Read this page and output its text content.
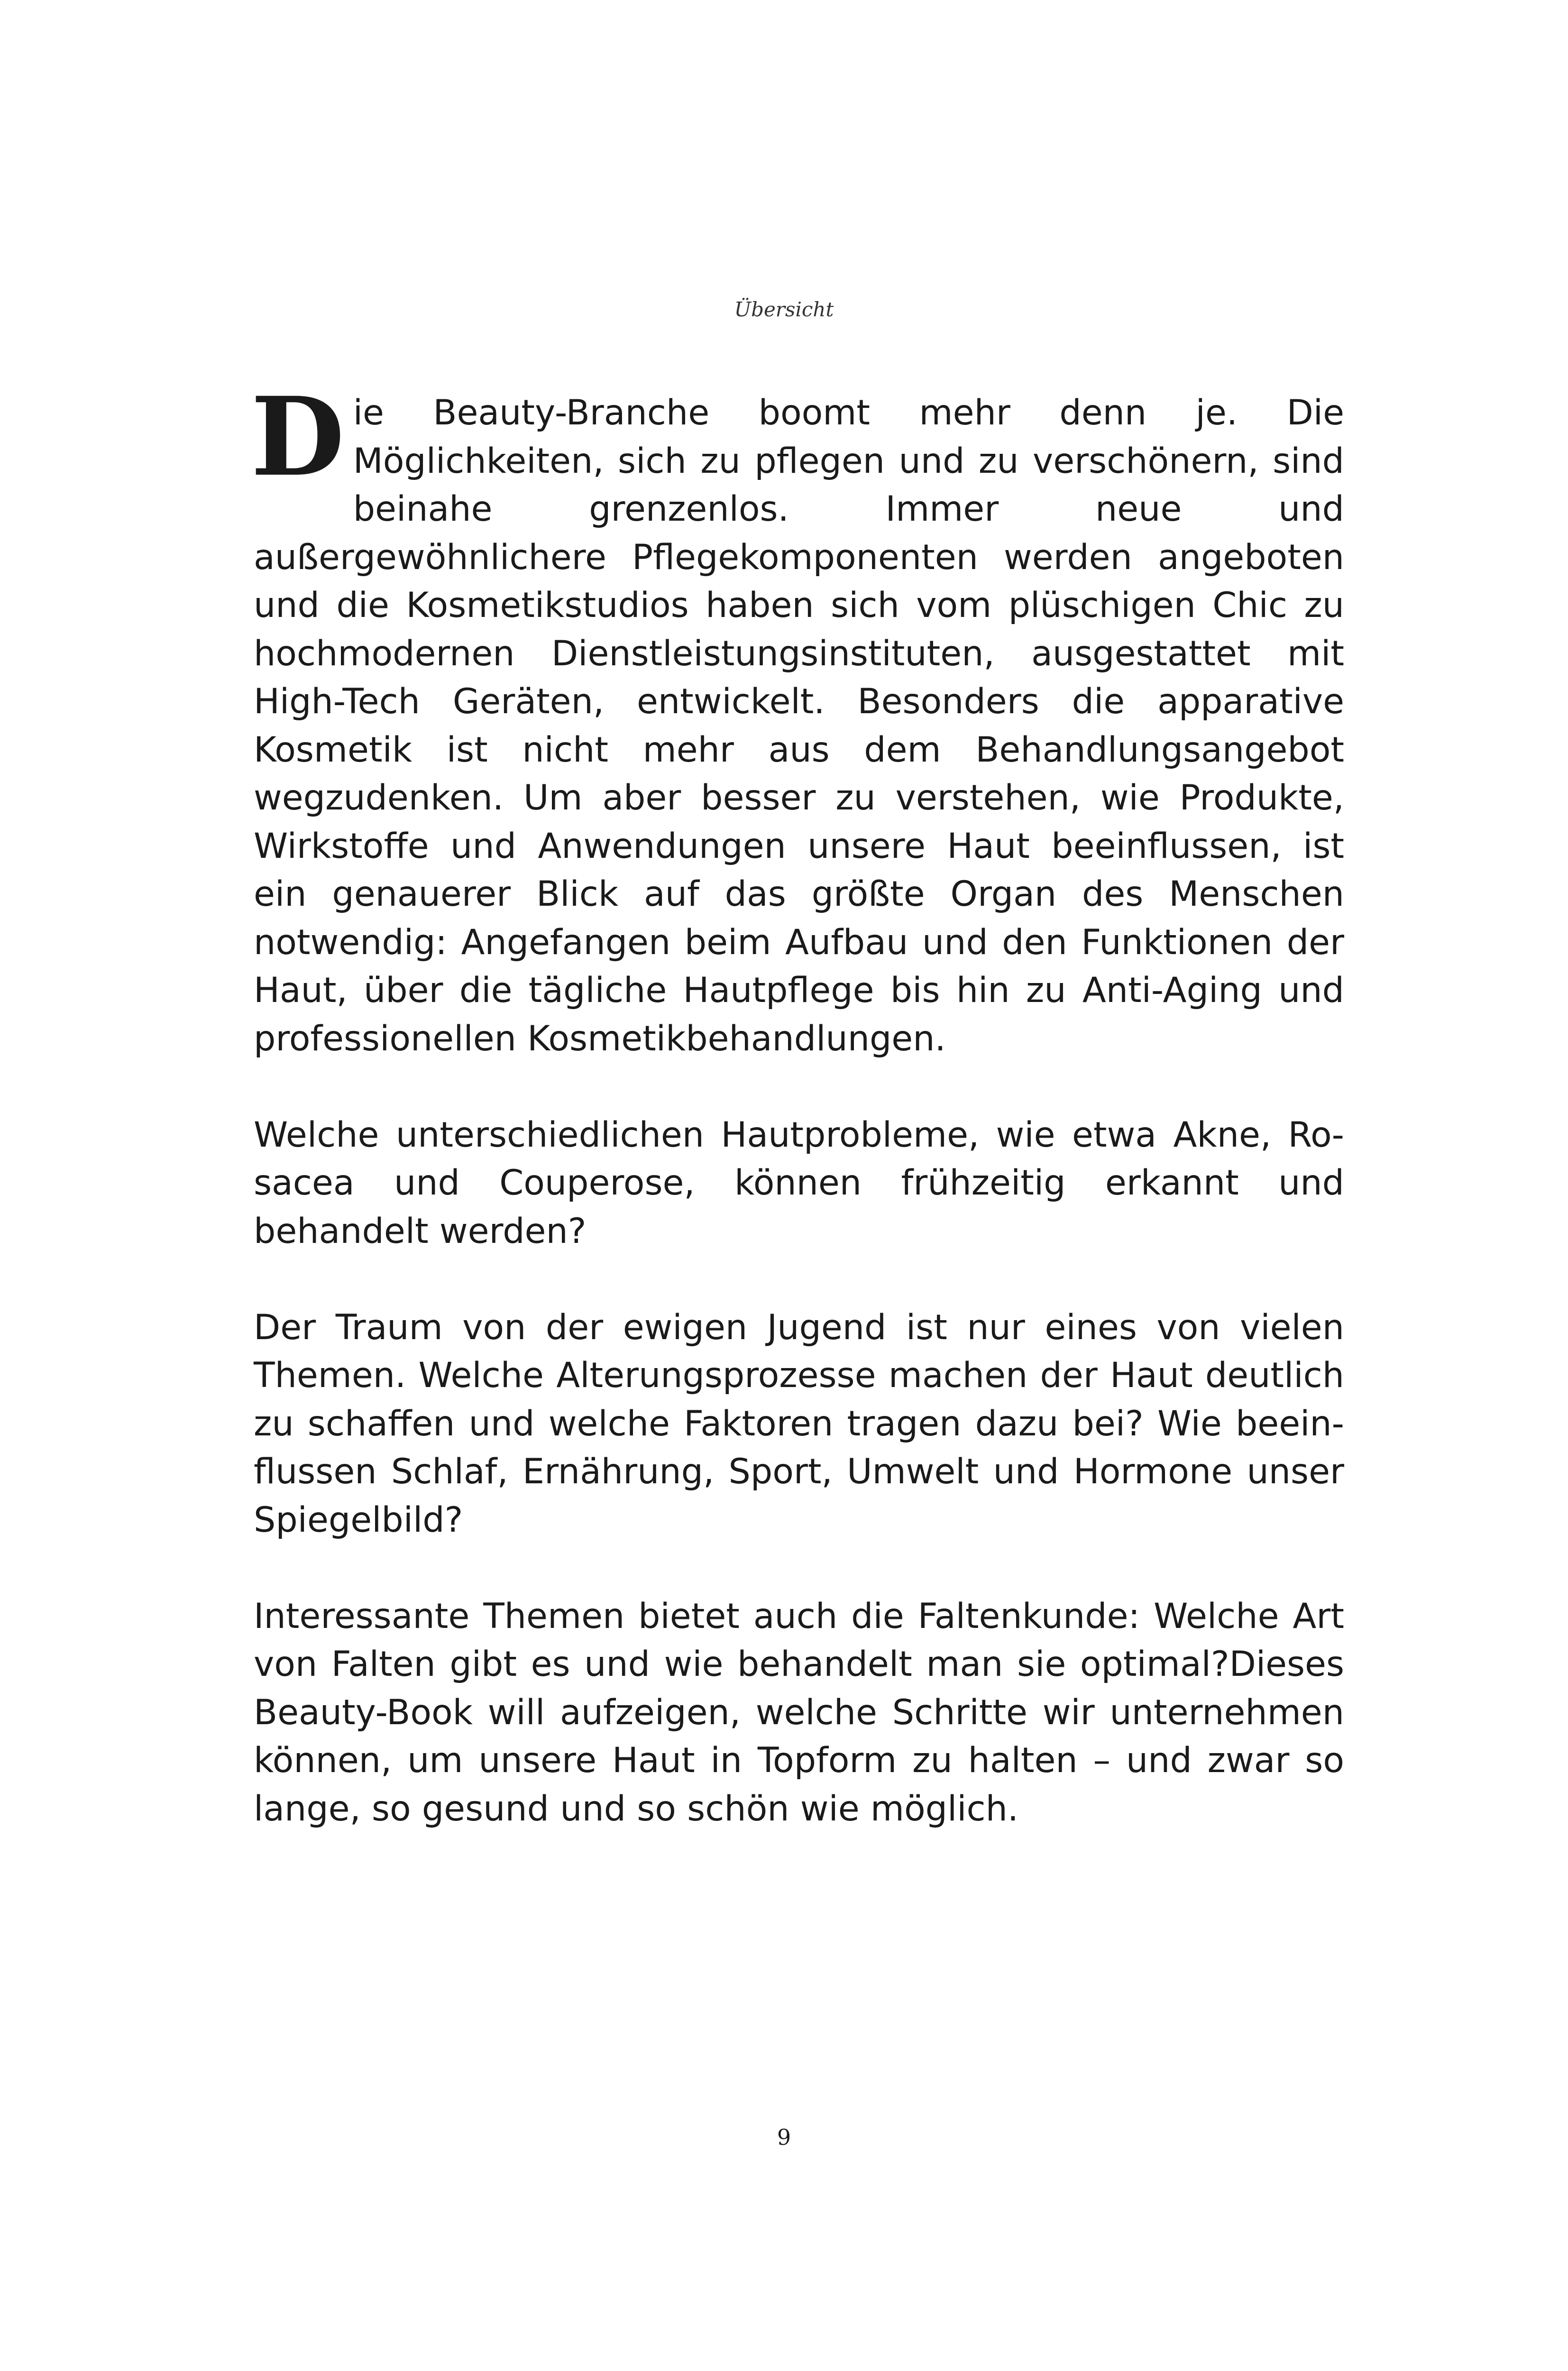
Übersicht

Die Beauty-Branche boomt mehr denn je. Die Möglichkeiten, sich zu pflegen und zu verschönern, sind beinahe grenzenlos. Immer neue und außergewöhnlichere Pflegekomponenten werden angeboten und die Kosmetikstudios haben sich vom plüschigen Chic zu hochmodernen Dienstleistungsinstituten, ausgestattet mit High-Tech Geräten, entwickelt. Besonders die apparative Kosmetik ist nicht mehr aus dem Behandlungsangebot wegzudenken. Um aber besser zu verstehen, wie Produkte, Wirkstoffe und Anwendungen unsere Haut beeinflussen, ist ein genauerer Blick auf das größte Organ des Menschen notwendig: Angefangen beim Aufbau und den Funktionen der Haut, über die tägliche Hautpflege bis hin zu Anti-Aging und professionellen Kosmetikbehandlungen.

Welche unterschiedlichen Hautprobleme, wie etwa Akne, Rosacea und Couperose, können frühzeitig erkannt und behandelt werden?

Der Traum von der ewigen Jugend ist nur eines von vielen Themen. Welche Alterungsprozesse machen der Haut deutlich zu schaffen und welche Faktoren tragen dazu bei? Wie beeinflussen Schlaf, Ernährung, Sport, Umwelt und Hormone unser Spiegelbild?

Interessante Themen bietet auch die Faltenkunde: Welche Art von Falten gibt es und wie behandelt man sie optimal?Dieses Beauty-Book will aufzeigen, welche Schritte wir unternehmen können, um unsere Haut in Topform zu halten – und zwar so lange, so gesund und so schön wie möglich.

9
